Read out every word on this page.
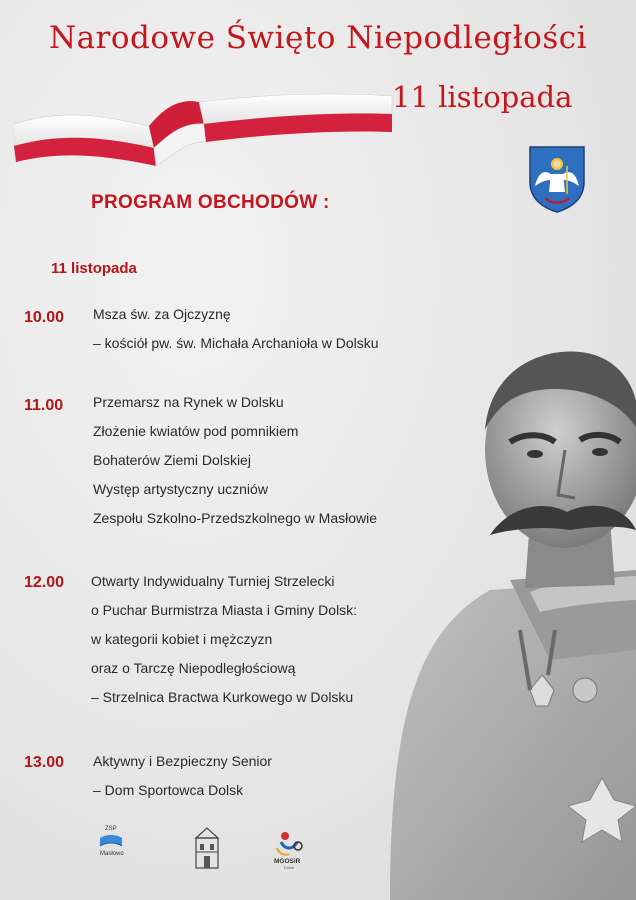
Narodowe Święto Niepodległości
11 listopada
PROGRAM OBCHODÓW :
11 listopada
10.00 Msza św. za Ojczyznę
– kościół pw. św. Michała Archanioła w Dolsku
11.00 Przemarsz na Rynek w Dolsku
Złożenie kwiatów pod pomnikiem
Bohaterów Ziemi Dolskiej
Występ artystyczny uczniów
Zespołu Szkolno-Przedszkolnego w Masłowie
12.00 Otwarty Indywidualny Turniej Strzelecki
o Puchar Burmistrza Miasta i Gminy Dolsk:
w kategorii kobiet i mężczyzn
oraz o Tarczę Niepodległościową
– Strzelnica Bractwa Kurkowego w Dolsku
13.00 Aktywny i Bezpieczny Senior
– Dom Sportowca Dolsk
ZSP
Masłowo
MGOSiR
Dolsk
